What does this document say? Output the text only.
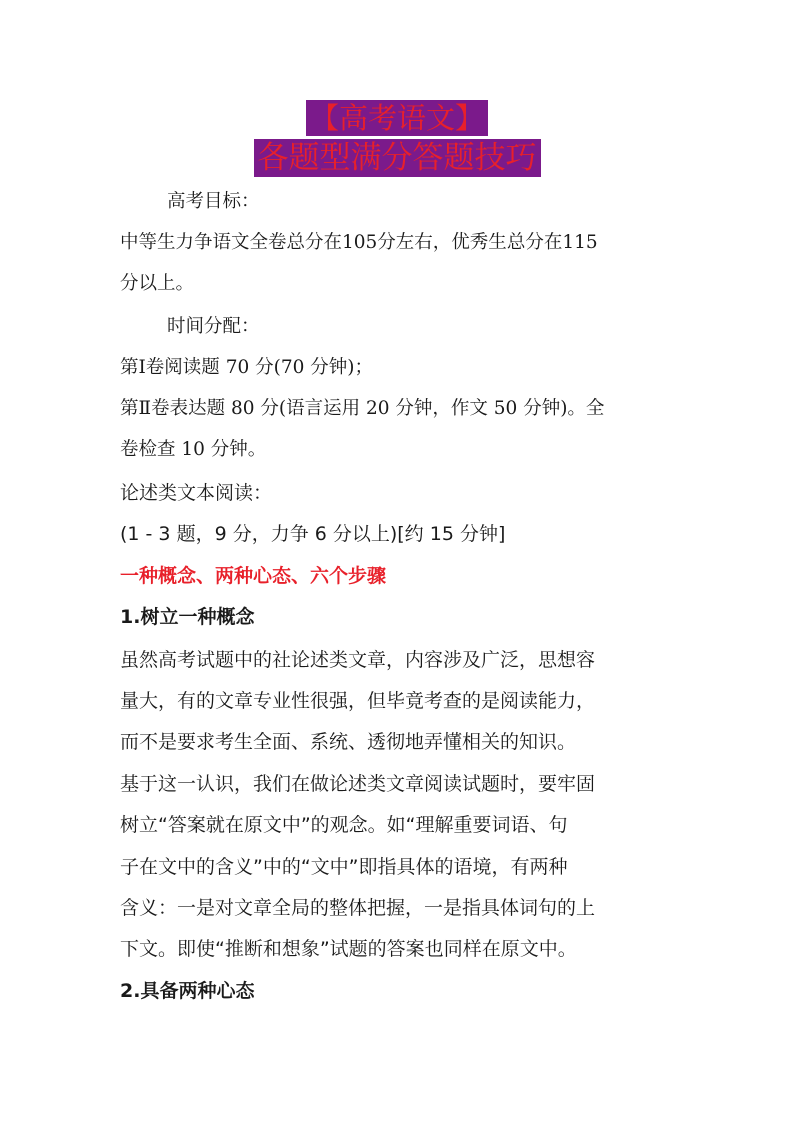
【高考语文】
各题型满分答题技巧
高考目标：
中等生力争语文全卷总分在105分左右，优秀生总分在115
分以上。
时间分配：
第Ⅰ卷阅读题 70 分(70 分钟)；
第Ⅱ卷表达题 80 分(语言运用 20 分钟，作文 50 分钟)。全
卷检查 10 分钟。
论述类文本阅读：
(1 - 3 题，9 分，力争 6 分以上)[约 15 分钟]
一种概念、两种心态、六个步骤
1.树立一种概念
虽然高考试题中的社论述类文章，内容涉及广泛，思想容
量大，有的文章专业性很强，但毕竟考查的是阅读能力，
而不是要求考生全面、系统、透彻地弄懂相关的知识。
基于这一认识，我们在做论述类文章阅读试题时，要牢固
树立“答案就在原文中”的观念。如“理解重要词语、句
子在文中的含义”中的“文中”即指具体的语境，有两种
含义：一是对文章全局的整体把握，一是指具体词句的上
下文。即使“推断和想象”试题的答案也同样在原文中。
2.具备两种心态
